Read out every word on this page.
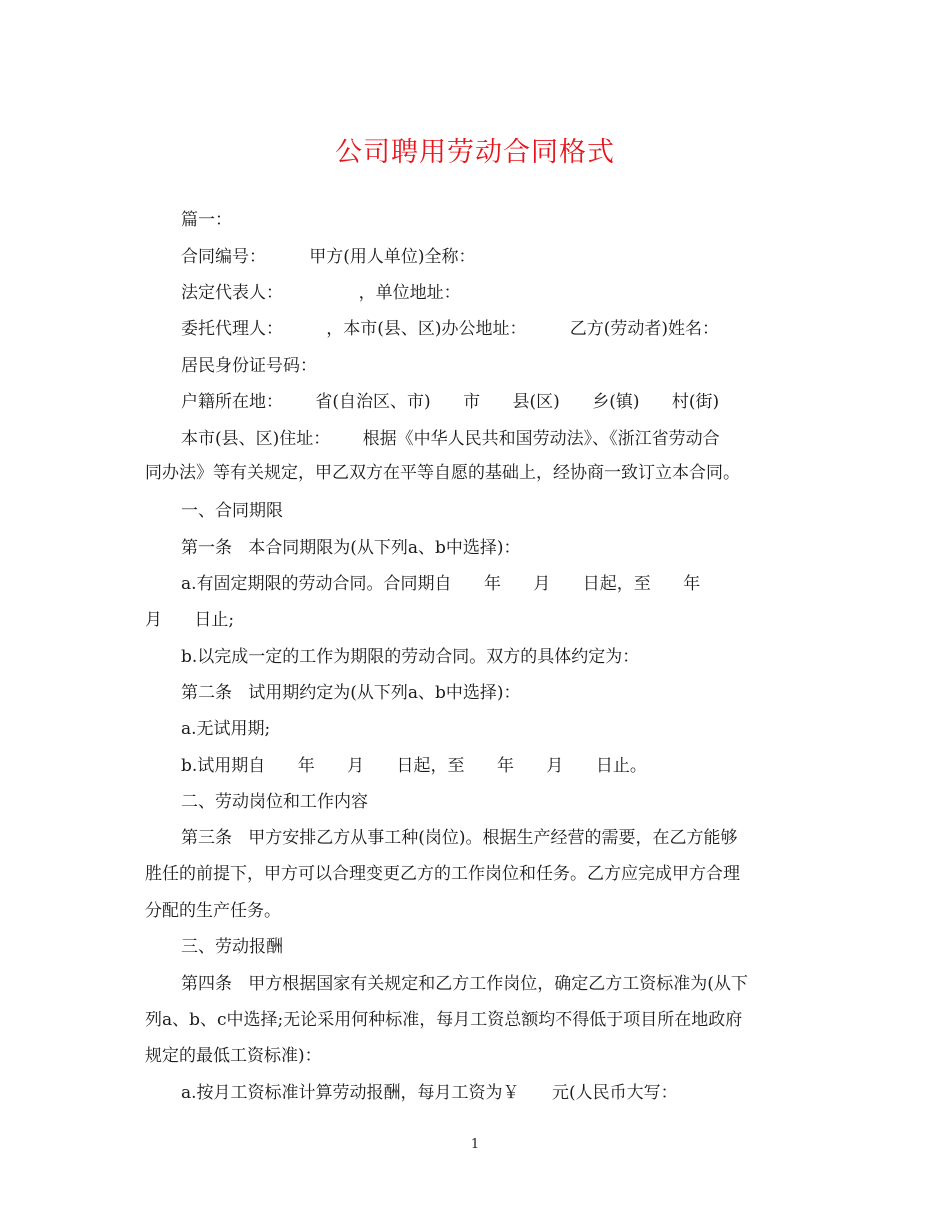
公司聘用劳动合同格式
篇一：
合同编号：        甲方(用人单位)全称：
法定代表人：              ，单位地址：
委托代理人：        ，本市(县、区)办公地址：        乙方(劳动者)姓名：
居民身份证号码：
户籍所在地：      省(自治区、市)      市      县(区)      乡(镇)      村(街)
本市(县、区)住址：      根据《中华人民共和国劳动法》、《浙江省劳动合
同办法》等有关规定，甲乙双方在平等自愿的基础上，经协商一致订立本合同。
一、合同期限
第一条   本合同期限为(从下列a、b中选择)：
a.有固定期限的劳动合同。合同期自      年      月      日起，至      年
月      日止;
b.以完成一定的工作为期限的劳动合同。双方的具体约定为：
第二条   试用期约定为(从下列a、b中选择)：
a.无试用期;
b.试用期自      年      月      日起，至      年      月      日止。
二、劳动岗位和工作内容
第三条   甲方安排乙方从事工种(岗位)。根据生产经营的需要，在乙方能够
胜任的前提下，甲方可以合理变更乙方的工作岗位和任务。乙方应完成甲方合理
分配的生产任务。
三、劳动报酬
第四条   甲方根据国家有关规定和乙方工作岗位，确定乙方工资标准为(从下
列a、b、c中选择;无论采用何种标准，每月工资总额均不得低于项目所在地政府
规定的最低工资标准)：
a.按月工资标准计算劳动报酬，每月工资为￥      元(人民币大写：
1
